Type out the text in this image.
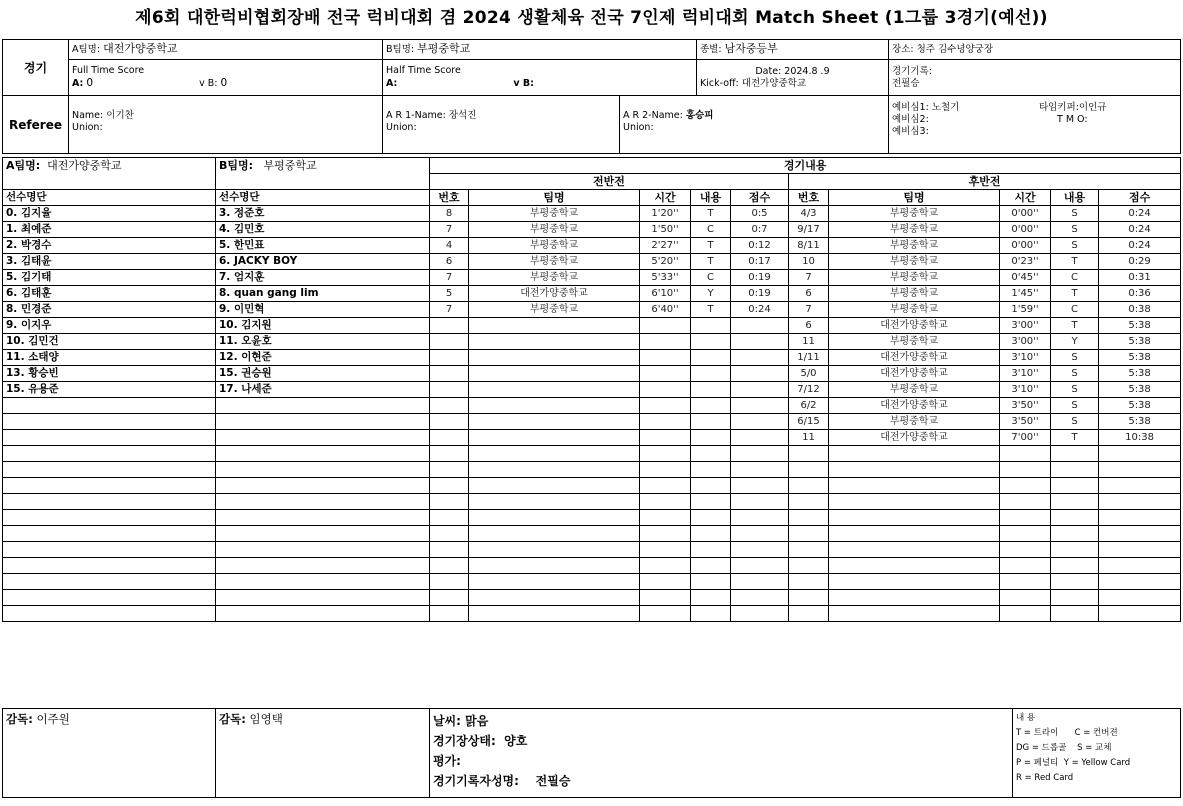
제6회 대한럭비협회장배 전국 럭비대회 겸 2024 생활체육 전국 7인제 럭비대회 Match Sheet (1그룹 3경기(예선))
경기	A팀명: 대전가양중학교	B팀명: 부평중학교	종별: 남자중등부	장소: 청주 김수녕양궁장

	Full Time Score
A: 0 v B: 0	Half Time Score
A: v B:	Date: 2024.8 .9
Kick-off: 대전가양중학교	경기기록:
전필승
Referee	
Name: 이기찬
Union:

A R 1-Name: 장석진
Union:

A R 2-Name: 홍승피
Union:

예비심1: 노철기
예비심2:
예비심3:
타임키퍼:이인규
T M O:
A팀명: 대전가양중학교	B팀명: 부평중학교	경기내용									
		전반전					후반전				
선수명단	선수명단	번호	팀명	시간	내용	점수	번호	팀명	시간	내용	점수
0. 김지율	3. 정준호	8	부평중학교	1'20''	T	0:5	4/3	부평중학교	0'00''	S	0:24
1. 최예준	4. 김민호	7	부평중학교	1'50''	C	0:7	9/17	부평중학교	0'00''	S	0:24
2. 박경수	5. 한민표	4	부평중학교	2'27''	T	0:12	8/11	부평중학교	0'00''	S	0:24
3. 김태윤	6. JACKY BOY	6	부평중학교	5'20''	T	0:17	10	부평중학교	0'23''	T	0:29
5. 김기태	7. 엄지훈	7	부평중학교	5'33''	C	0:19	7	부평중학교	0'45''	C	0:31
6. 김태훈	8. quan gang lim	5	대전가양중학교	6'10''	Y	0:19	6	부평중학교	1'45''	T	0:36
8. 민경준	9. 이민혁	7	부평중학교	6'40''	T	0:24	7	부평중학교	1'59''	C	0:38
9. 이지우	10. 김지원						6	대전가양중학교	3'00''	T	5:38
10. 김민건	11. 오윤호						11	부평중학교	3'00''	Y	5:38
11. 소태양	12. 이현준						1/11	대전가양중학교	3'10''	S	5:38
13. 황승빈	15. 권승원						5/0	대전가양중학교	3'10''	S	5:38
15. 유용준	17. 나세준						7/12	부평중학교	3'10''	S	5:38
							6/2	대전가양중학교	3'50''	S	5:38
							6/15	부평중학교	3'50''	S	5:38
							11	대전가양중학교	7'00''	T	10:38

감독: 이주원	감독: 임영택	날씨: 맑음
경기장상태: 양호
평가:
경기기록자성명: 전필승

내 용
T = 트라이      C = 컨버젼
DG = 드롭골    S = 교체
P = 페널티  Y = Yellow Card
R = Red Card
